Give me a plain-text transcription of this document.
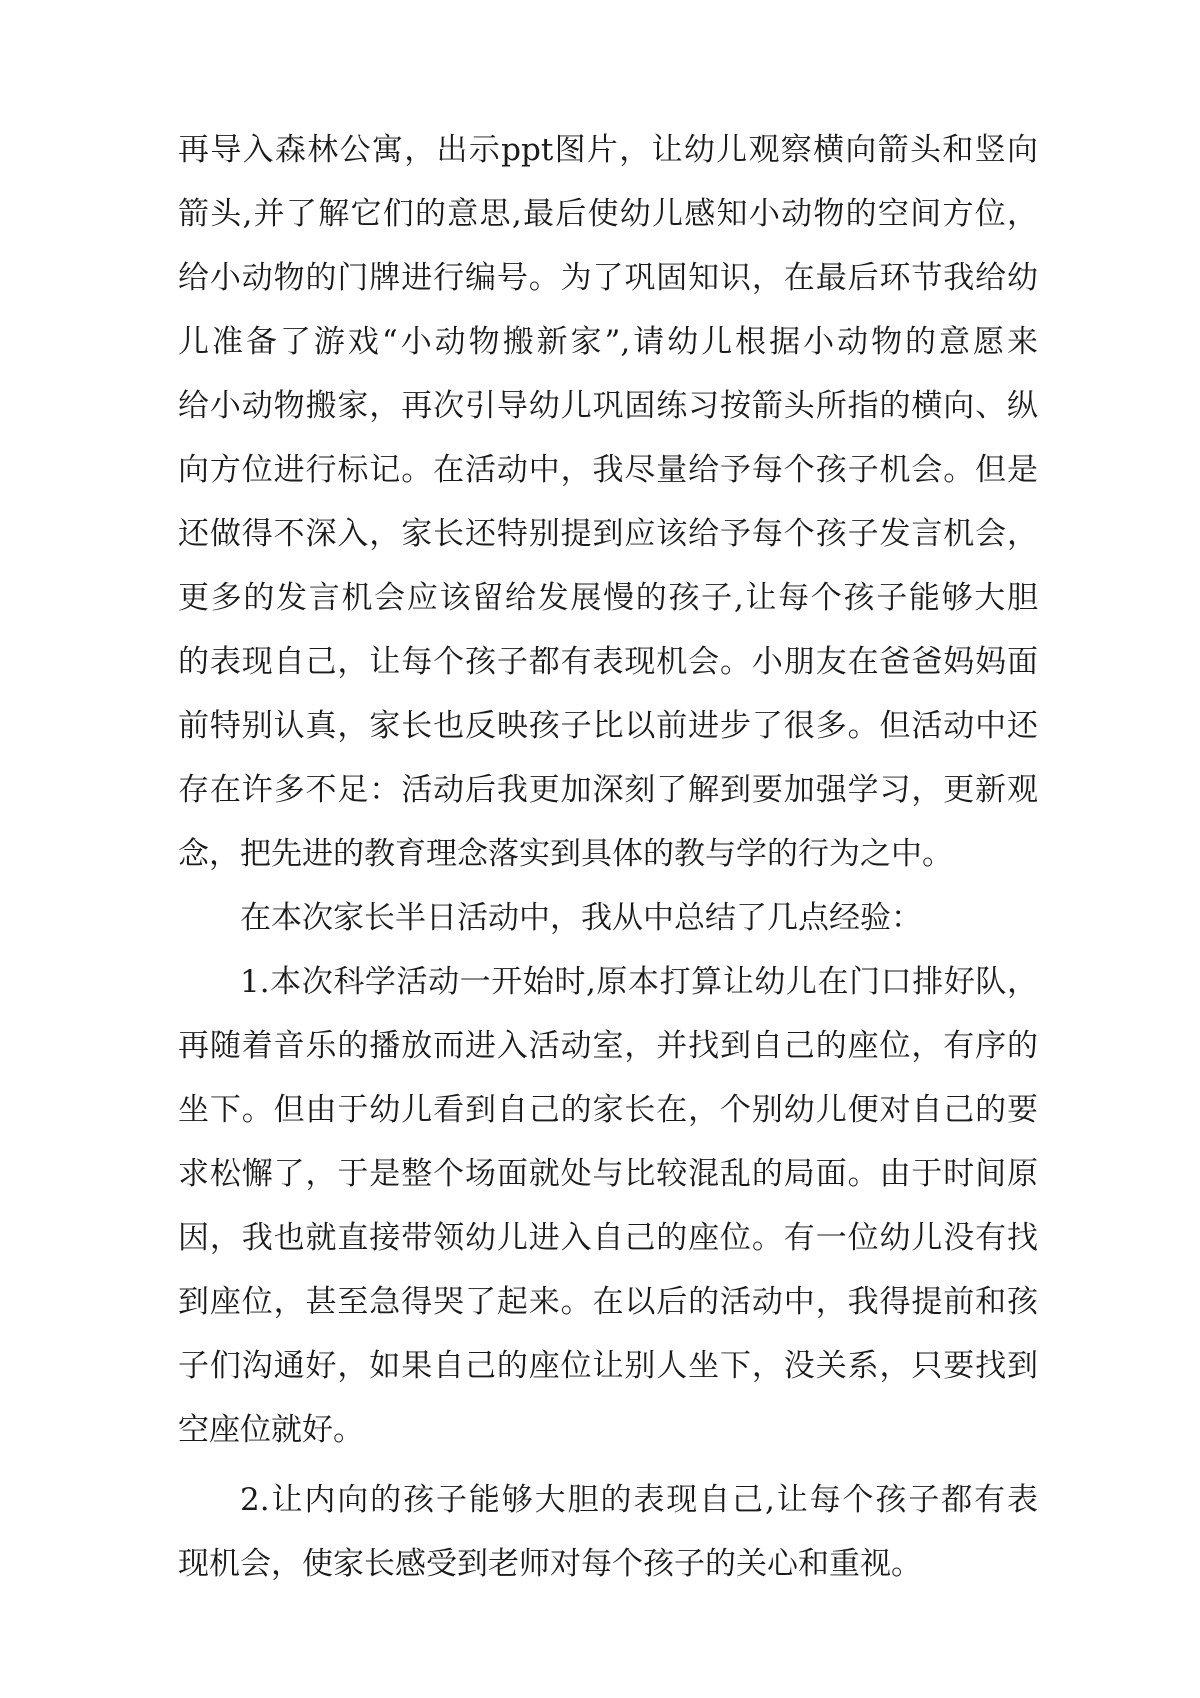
再导入森林公寓，出示ppt图片，让幼儿观察横向箭头和竖向
箭头,并了解它们的意思,最后使幼儿感知小动物的空间方位，
给小动物的门牌进行编号。为了巩固知识，在最后环节我给幼
儿准备了游戏“小动物搬新家”,请幼儿根据小动物的意愿来
给小动物搬家，再次引导幼儿巩固练习按箭头所指的横向、纵
向方位进行标记。在活动中，我尽量给予每个孩子机会。但是
还做得不深入，家长还特别提到应该给予每个孩子发言机会，
更多的发言机会应该留给发展慢的孩子,让每个孩子能够大胆
的表现自己，让每个孩子都有表现机会。小朋友在爸爸妈妈面
前特别认真，家长也反映孩子比以前进步了很多。但活动中还
存在许多不足：活动后我更加深刻了解到要加强学习，更新观
念，把先进的教育理念落实到具体的教与学的行为之中。
在本次家长半日活动中，我从中总结了几点经验：
1.本次科学活动一开始时,原本打算让幼儿在门口排好队，
再随着音乐的播放而进入活动室，并找到自己的座位，有序的
坐下。但由于幼儿看到自己的家长在，个别幼儿便对自己的要
求松懈了，于是整个场面就处与比较混乱的局面。由于时间原
因，我也就直接带领幼儿进入自己的座位。有一位幼儿没有找
到座位，甚至急得哭了起来。在以后的活动中，我得提前和孩
子们沟通好，如果自己的座位让别人坐下，没关系，只要找到
空座位就好。
2.让内向的孩子能够大胆的表现自己,让每个孩子都有表
现机会，使家长感受到老师对每个孩子的关心和重视。
